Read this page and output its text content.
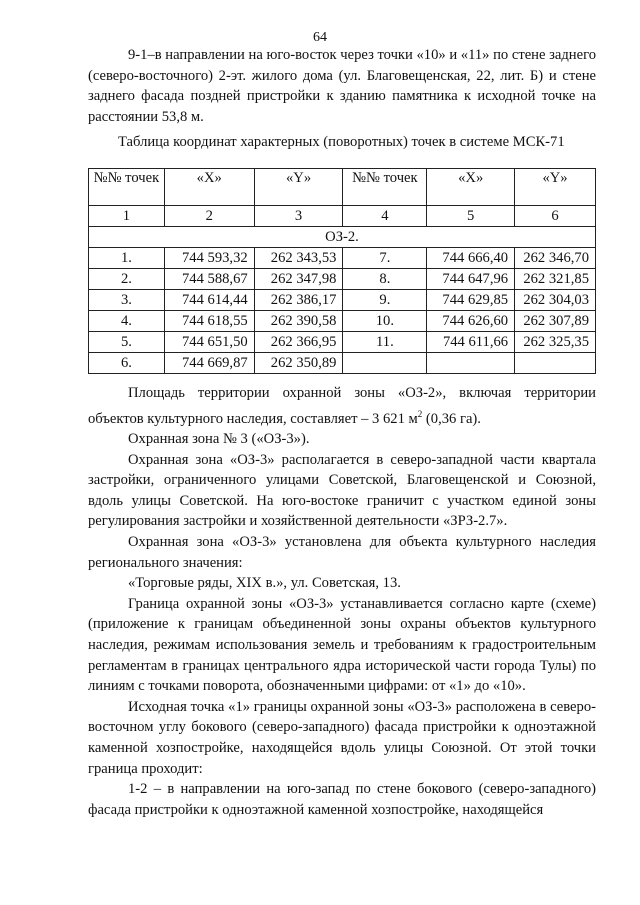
64

9-1–в направлении на юго-восток через точки «10» и «11» по стене заднего (северо-восточного) 2-эт. жилого дома (ул. Благовещенская, 22, лит. Б) и стене заднего фасада поздней пристройки к зданию памятника к исходной точке на расстоянии 53,8 м.

Таблица координат характерных (поворотных) точек в системе МСК-71
№№ точек	«X»	«Y»	№№ точек	«X»	«Y»
1	2	3	4	5	6
ОЗ-2.					
1.	744 593,32	262 343,53	7.	744 666,40	262 346,70
2.	744 588,67	262 347,98	8.	744 647,96	262 321,85
3.	744 614,44	262 386,17	9.	744 629,85	262 304,03
4.	744 618,55	262 390,58	10.	744 626,60	262 307,89
5.	744 651,50	262 366,95	11.	744 611,66	262 325,35
6.	744 669,87	262 350,89			

Площадь территории охранной зоны «ОЗ-2», включая территории объектов культурного наследия, составляет – 3 621 $м^2$ (0,36 га).

Охранная зона № 3 («ОЗ-3»).

Охранная зона «ОЗ-3» располагается в северо-западной части квартала застройки, ограниченного улицами Советской, Благовещенской и Союзной, вдоль улицы Советской. На юго-востоке граничит с участком единой зоны регулирования застройки и хозяйственной деятельности «ЗРЗ-2.7».

Охранная зона «ОЗ-3» установлена для объекта культурного наследия регионального значения:

«Торговые ряды, XIX в.», ул. Советская, 13.

Граница охранной зоны «ОЗ-3» устанавливается согласно карте (схеме) (приложение к границам объединенной зоны охраны объектов культурного наследия, режимам использования земель и требованиям к градостроительным регламентам в границах центрального ядра исторической части города Тулы) по линиям с точками поворота, обозначенными цифрами: от «1» до «10».

Исходная точка «1» границы охранной зоны «ОЗ-3» расположена в северо-восточном углу бокового (северо-западного) фасада пристройки к одноэтажной каменной хозпостройке, находящейся вдоль улицы Союзной. От этой точки граница проходит:

1-2 – в направлении на юго-запад по стене бокового (северо-западного) фасада пристройки к одноэтажной каменной хозпостройке, находящейся
